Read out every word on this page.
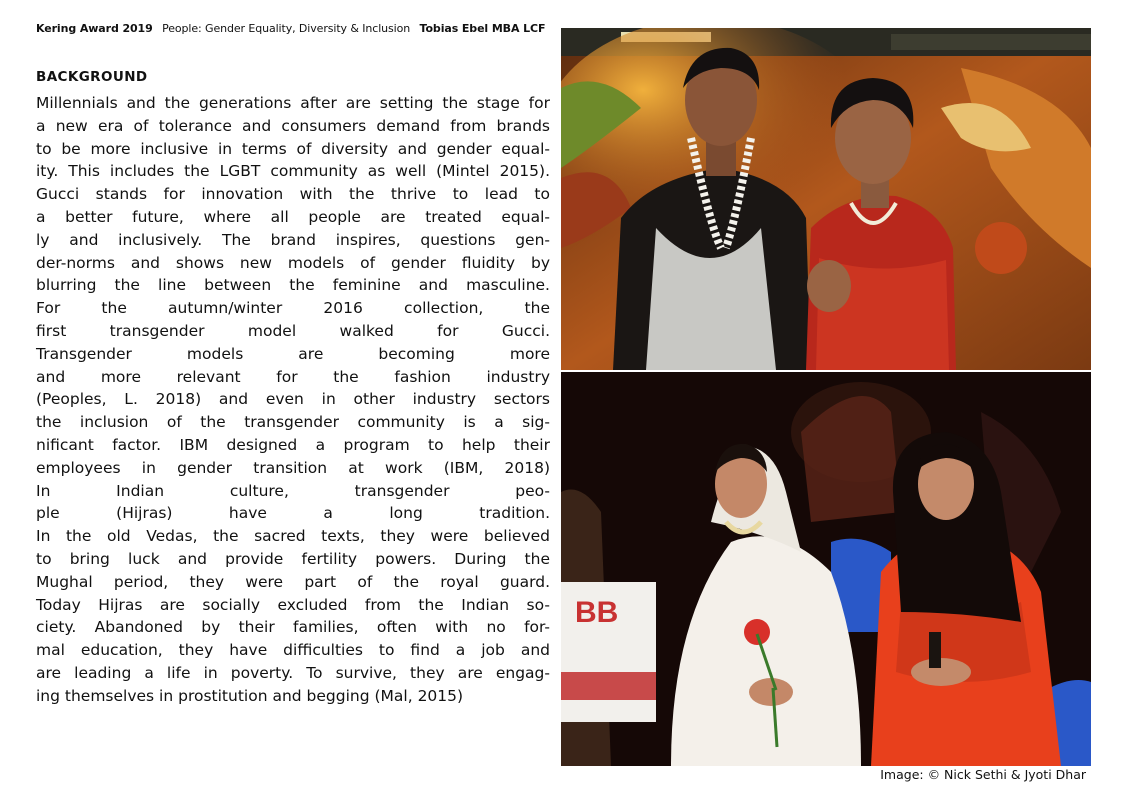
Kering Award 2019 People: Gender Equality, Diversity & Inclusion Tobias Ebel MBA LCF
BACKGROUND
Millennials and the generations after are setting the stage for
a new era of tolerance and consumers demand from brands
to be more inclusive in terms of diversity and gender equal-
ity. This includes the LGBT community as well (Mintel 2015).
Gucci stands for innovation with the thrive to lead to
a better future, where all people are treated equal-
ly and inclusively. The brand inspires, questions gen-
der-norms and shows new models of gender fluidity by
blurring the line between the feminine and masculine.
For the autumn/winter 2016 collection, the
first transgender model walked for Gucci.
Transgender models are becoming more
and more relevant for the fashion industry
(Peoples, L. 2018) and even in other industry sectors
the inclusion of the transgender community is a sig-
nificant factor. IBM designed a program to help their
employees in gender transition at work (IBM, 2018)
In Indian culture, transgender peo-
ple (Hijras) have a long tradition.
In the old Vedas, the sacred texts, they were believed
to bring luck and provide fertility powers. During the
Mughal period, they were part of the royal guard.
Today Hijras are socially excluded from the Indian so-
ciety. Abandoned by their families, often with no for-
mal education, they have difficulties to find a job and
are leading a life in poverty. To survive, they are engag-
ing themselves in prostitution and begging (Mal, 2015)
BB
Image: © Nick Sethi & Jyoti Dhar
